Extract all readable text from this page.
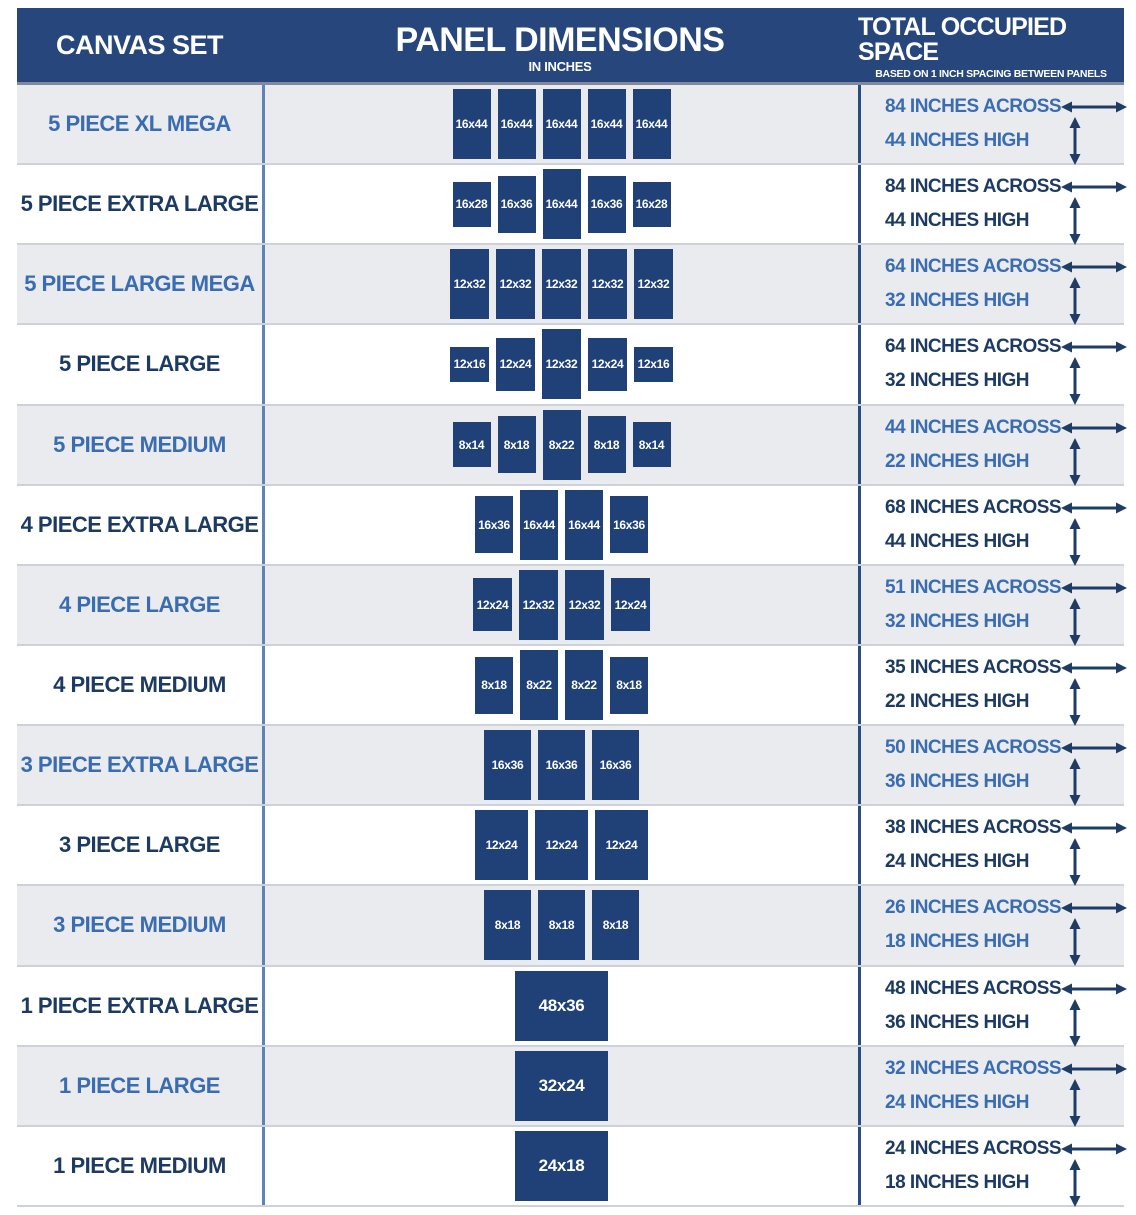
CANVAS SET	PANEL DIMENSIONS
IN INCHES
TOTAL OCCUPIED SPACE
BASED ON 1 INCH SPACING BETWEEN PANELS
5 PIECE XL MEGA	16x44 16x44 16x44 16x44 16x44
84 INCHES ACROSS
44 INCHES HIGH
5 PIECE EXTRA LARGE	16x28 16x36 16x44 16x36 16x28
84 INCHES ACROSS
44 INCHES HIGH
5 PIECE LARGE MEGA	12x32 12x32 12x32 12x32 12x32
64 INCHES ACROSS
32 INCHES HIGH
5 PIECE LARGE	12x16 12x24 12x32 12x24 12x16
64 INCHES ACROSS
32 INCHES HIGH
5 PIECE MEDIUM	8x14	8x18	8x22	8x18	8x14
44 INCHES ACROSS
22 INCHES HIGH
4 PIECE EXTRA LARGE	16x36 16x44 16x44 16x36
68 INCHES ACROSS
44 INCHES HIGH
4 PIECE LARGE	12x24 12x32 12x32 12x24
51 INCHES ACROSS
32 INCHES HIGH
4 PIECE MEDIUM	8x18	8x22	8x22	8x18
35 INCHES ACROSS
22 INCHES HIGH
3 PIECE EXTRA LARGE	16x36	16x36	16x36
50 INCHES ACROSS
36 INCHES HIGH
3 PIECE LARGE	12x24	12x24	12x24
38 INCHES ACROSS
24 INCHES HIGH
3 PIECE MEDIUM	8x18	8x18	8x18
26 INCHES ACROSS
18 INCHES HIGH
1 PIECE EXTRA LARGE	48x36
48 INCHES ACROSS
36 INCHES HIGH
1 PIECE LARGE	32x24
32 INCHES ACROSS
24 INCHES HIGH
1 PIECE MEDIUM	24x18
24 INCHES ACROSS
18 INCHES HIGH
